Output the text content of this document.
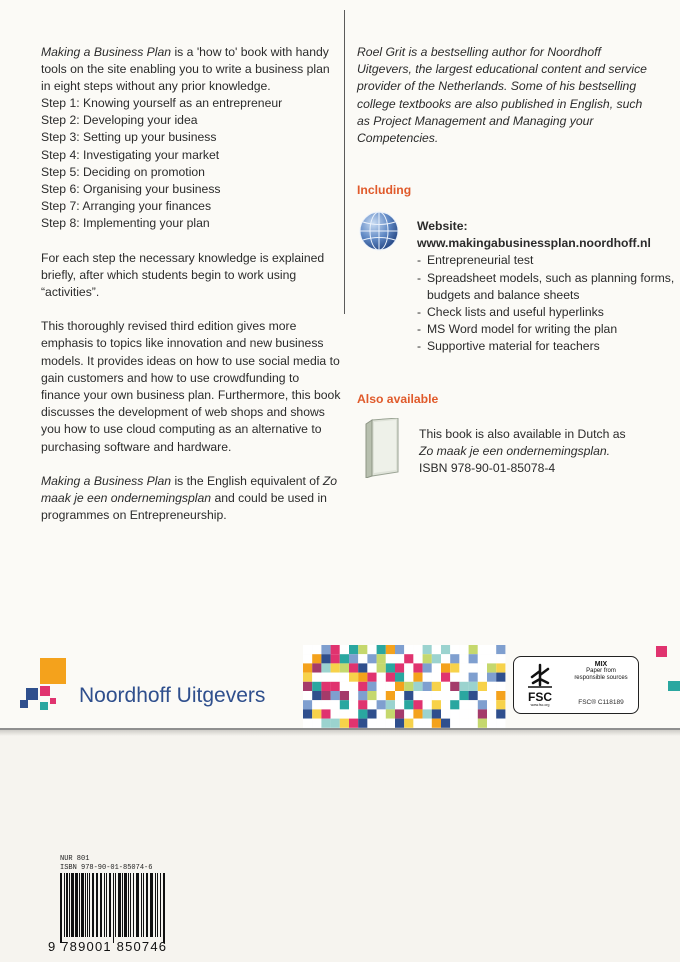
Making a Business Plan is a 'how to' book with handy tools on the site enabling you to write a business plan in eight steps without any prior knowledge.

Step 1: Knowing yourself as an entrepreneur
Step 2: Developing your idea
Step 3: Setting up your business
Step 4: Investigating your market
Step 5: Deciding on promotion
Step 6: Organising your business
Step 7: Arranging your finances
Step 8: Implementing your plan

For each step the necessary knowledge is explained briefly, after which students begin to work using “activities”.

This thoroughly revised third edition gives more emphasis to topics like innovation and new business models. It provides ideas on how to use social media to gain customers and how to use crowdfunding to finance your own business plan. Furthermore, this book discusses the development of web shops and shows you how to use cloud computing as an alternative to purchasing software and hardware.

Making a Business Plan is the English equivalent of Zo maak je een ondernemingsplan and could be used in programmes on Entrepreneurship.

Roel Grit is a bestselling author for Noordhoff Uitgevers, the largest educational content and service provider of the Netherlands. Some of his bestselling college textbooks are also published in English, such as Project Management and Managing your Competencies.

Including
Website:
www.makingabusinessplan.noordhoff.nl
- Entrepreneurial test
- Spreadsheet models, such as planning forms, budgets and balance sheets
- Check lists and useful hyperlinks
- MS Word model for writing the plan
- Supportive material for teachers
Also available
This book is also available in Dutch as
Zo maak je een ondernemingsplan.
ISBN 978-90-01-85078-4
Noordhoff Uitgevers	FSC
www.fsc.org
MIX
Paper from
responsible sources
FSC® C118189
NUR 801
ISBN 978-90-01-85074-6
9 789001 850746
